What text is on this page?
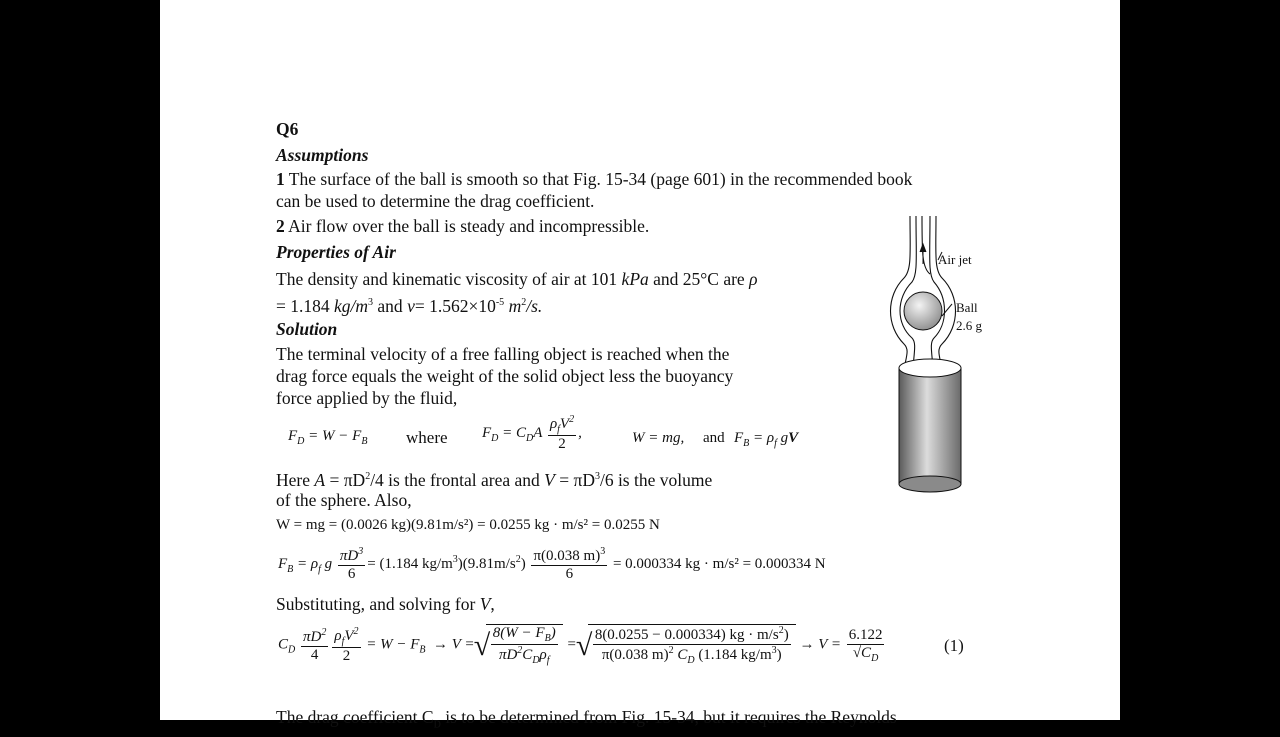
Q6

Assumptions

1 The surface of the ball is smooth so that Fig. 15-34 (page 601) in the recommended book

can be used to determine the drag coefficient.

2 Air flow over the ball is steady and incompressible.

Properties of Air

The density and kinematic viscosity of air at 101 kPa and 25°C are ρ

= 1.184 $kg/m^3$ and $\nu= 1.562\times 10^{-5}$ $m^2/s$.

Solution

The terminal velocity of a free falling object is reached when the

drag force equals the weight of the solid object less the buoyancy

force applied by the fluid,

$F_D = W - F_B$ where $F_D = C_DA \frac{\rho_fV^2}{2}$ ,	W = mg, and $F_B = \rho_f$ gV

Here $A = \pi D^2/4$ is the frontal area and $V = \pi D^3/6$ is the volume

of the sphere. Also,

W = mg = (0.0026 kg)(9.81m/s²) = 0.0255 kg · m/s² = 0.0255 N
$F_B = \rho_f$ g $\frac{\pi D^3}{6} = (1.184$ $kg/m^3)(9.81m/s^2) \frac{\pi(0.038 m)^3}{6} = 0.000334$ kg · m/s² = 0.000334 N

Substituting, and solving for V,

$C_D \frac{\pi D^2}{4} \frac{\rho_fV^2}{2} = W - F_B \to V$ = √ $\frac{8(W - F_B)}{\pi D^2C_D\rho_f}$ = √ $\frac{8(0.0255 - 0.000334) kg \cdot m/s^2)}{\pi(0.038 m)^2 C_D (1.184 kg/m^3)} \to V = \frac{6.122}{√C_D}$	(1)

The drag coefficient $C_D$ is to be determined from Fig. 15-34, but it requires the Reynolds

Air jet
Ball
2.6 g
